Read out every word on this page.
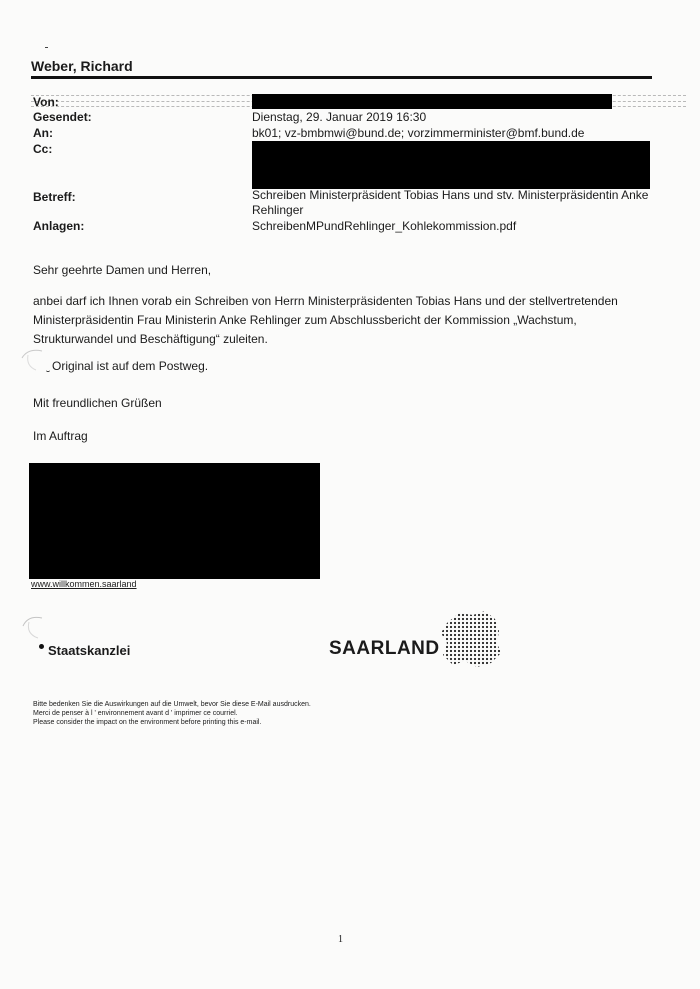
Weber, Richard
Von:
Gesendet:
An:
Cc:
Betreff:
Anlagen:
Dienstag, 29. Januar 2019 16:30
bk01; vz-bmbmwi@bund.de; vorzimmerminister@bmf.bund.de
Schreiben Ministerpräsident Tobias Hans und stv. Ministerpräsidentin Anke Rehlinger
SchreibenMPundRehlinger_Kohlekommission.pdf
Sehr geehrte Damen und Herren,
anbei darf ich Ihnen vorab ein Schreiben von Herrn Ministerpräsidenten Tobias Hans und der stellvertretenden Ministerpräsidentin Frau Ministerin Anke Rehlinger zum Abschlussbericht der Kommission „Wachstum, Strukturwandel und Beschäftigung“ zuleiten.
Original ist auf dem Postweg.
Mit freundlichen Grüßen
Im Auftrag
www.willkommen.saarland
Staatskanzlei	SAARLAND
Bitte bedenken Sie die Auswirkungen auf die Umwelt, bevor Sie diese E-Mail ausdrucken.
Merci de penser à l ' environnement avant d ' imprimer ce courriel.
Please consider the impact on the environment before printing this e-mail.
1
